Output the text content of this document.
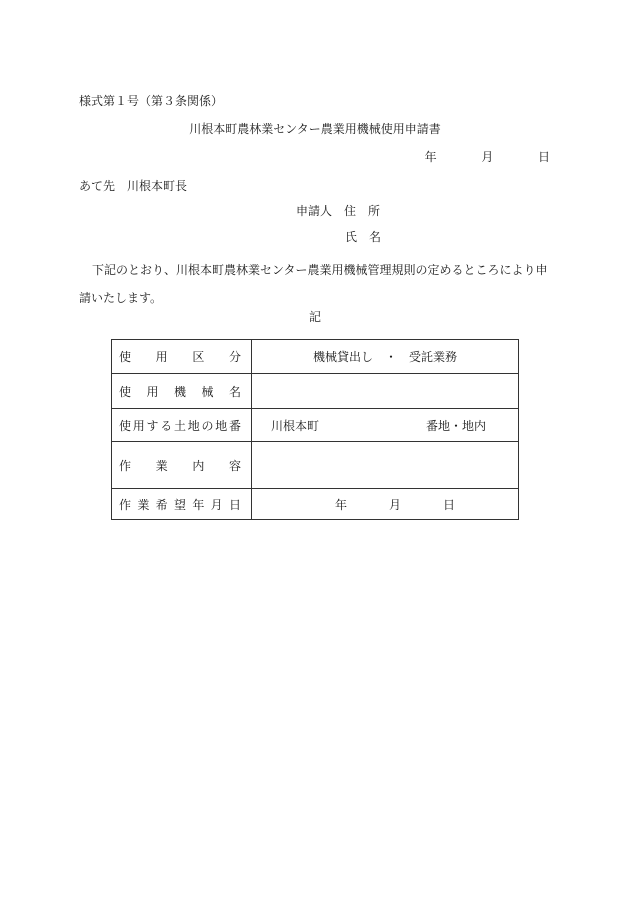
様式第１号（第３条関係）
川根本町農林業センター農業用機械使用申請書
年	月	日
あて先　川根本町長
申請人　住　所
氏　名
下記のとおり、川根本町農林業センター農業用機械管理規則の定めるところにより申請いたします。
記
使用区分	機械貸出し　・　受託業務
使用機械名	
使用する土地の地番	川根本町 番地・地内

作業内容	
作業希望年月日	年 月 日
